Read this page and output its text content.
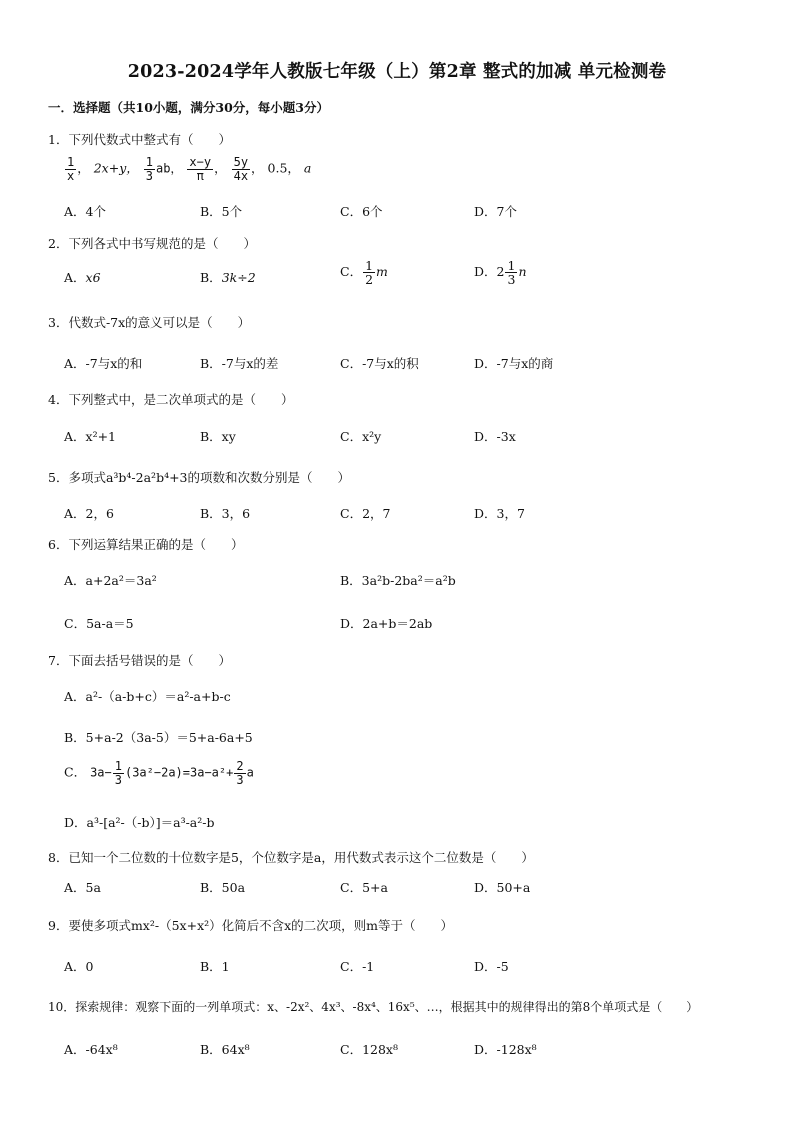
2023-2024学年人教版七年级（上）第2章 整式的加减 单元检测卷
一．选择题（共10小题，满分30分，每小题3分）
1．下列代数式中整式有（　　）
$\frac{1}{x}$ ， 2x+y， $\frac{1}{3}$ ab， $\frac{x-y}{\pi}$ ， $\frac{5y}{4x}$ ， 0.5， a
A．4个	B．5个	C．6个	D．7个
2．下列各式中书写规范的是（　　）
A．x6	B．3k÷2	C． $\frac{1}{2}$ m	D．$2 \frac{1}{3}$ n
3．代数式-7x的意义可以是（　　）
A．-7与x的和	B．-7与x的差	C．-7与x的积	D．-7与x的商
4．下列整式中，是二次单项式的是（　　）
A．x²+1	B．xy	C．x²y	D．-3x
5．多项式a³b⁴-2a²b⁴+3的项数和次数分别是（　　）
A．2，6	B．3，6	C．2，7	D．3，7
6．下列运算结果正确的是（　　）
A．a+2a²＝3a²	B．3a²b-2ba²＝a²b
C．5a-a＝5	D．2a+b＝2ab
7．下面去括号错误的是（　　）
A．a²-（a-b+c）＝a²-a+b-c
B．5+a-2（3a-5）＝5+a-6a+5
C． $3a- \frac{1}{3} (3a^2-2a)=3a-a^2+ \frac{2}{3}$ a
D．a³-[a²-（-b）]＝a³-a²-b
8．已知一个二位数的十位数字是5，个位数字是a，用代数式表示这个二位数是（　　）
A．5a	B．50a	C．5+a	D．50+a
9．要使多项式mx²-（5x+x²）化简后不含x的二次项，则m等于（　　）
A．0	B．1	C．-1	D．-5
10．探索规律：观察下面的一列单项式：x、-2x²、4x³、-8x⁴、16x⁵、…，根据其中的规律得出的第8个单项式是（　　）
A．-64x⁸	B．64x⁸	C．128x⁸	D．-128x⁸
